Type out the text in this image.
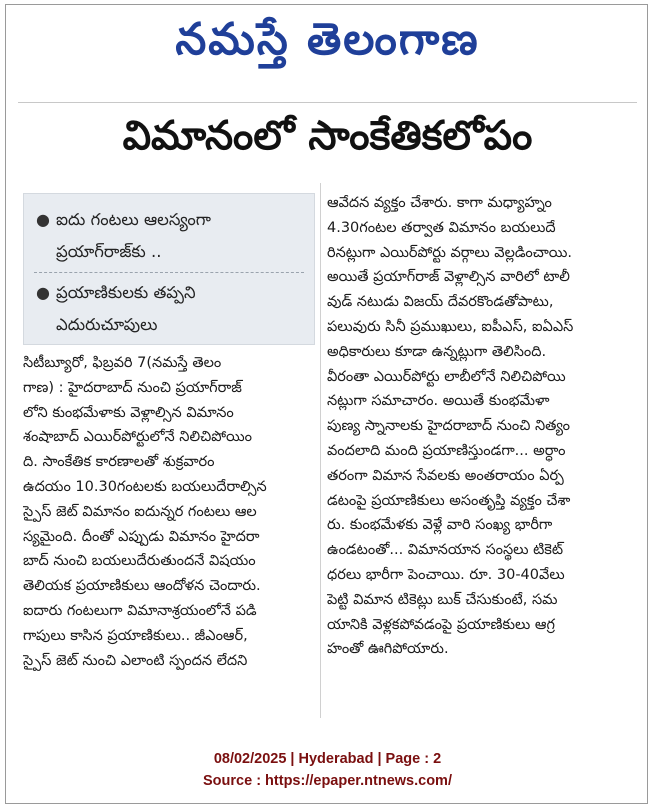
నమస్తే తెలంగాణ
విమానంలో సాంకేతికలోపం
● ఐదు గంటలు ఆలస్యంగా
ప్రయాగ్‌రాజ్‌కు ..
● ప్రయాణికులకు తప్పని
ఎదురుచూపులు

సిటీబ్యూరో, ఫిబ్రవరి 7(నమస్తే తెలం

గాణ) : హైదరాబాద్ నుంచి ప్రయాగ్‌రాజ్

లోని కుంభమేళాకు వెళ్లాల్సిన విమానం

శంషాబాద్ ఎయిర్‌పోర్టులోనే నిలిచిపోయిం

ది. సాంకేతిక కారణాలతో శుక్రవారం

ఉదయం 10.30గంటలకు బయలుదేరాల్సిన

స్పైస్ జెట్ విమానం ఐదున్నర గంటలు ఆల

స్యమైంది. దీంతో ఎప్పుడు విమానం హైదరా

బాద్ నుంచి బయలుదేరుతుందనే విషయం

తెలియక ప్రయాణికులు ఆందోళన చెందారు.

ఐదారు గంటలుగా విమానాశ్రయంలోనే పడి

గాపులు కాసిన ప్రయాణికులు.. జీఎంఆర్,

స్పైస్ జెట్ నుంచి ఎలాంటి స్పందన లేదని

ఆవేదన వ్యక్తం చేశారు. కాగా మధ్యాహ్నం

4.30గంటల తర్వాత విమానం బయలుదే

రినట్లుగా ఎయిర్‌పోర్టు వర్గాలు వెల్లడించాయి.

అయితే ప్రయాగ్‌రాజ్ వెళ్లాల్సిన వారిలో టాలీ

వుడ్ నటుడు విజయ్ దేవరకొండతోపాటు,

పలువురు సినీ ప్రముఖులు, ఐపీఎస్, ఐఏఎస్

అధికారులు కూడా ఉన్నట్లుగా తెలిసింది.

వీరంతా ఎయిర్‌పోర్టు లాబీలోనే నిలిచిపోయి

నట్లుగా సమాచారం. అయితే కుంభమేళా

పుణ్య స్నానాలకు హైదరాబాద్ నుంచి నిత్యం

వందలాది మంది ప్రయాణిస్తుండగా... అర్ధాం

తరంగా విమాన సేవలకు అంతరాయం ఏర్ప

డటంపై ప్రయాణికులు అసంతృప్తి వ్యక్తం చేశా

రు. కుంభమేళకు వెళ్లే వారి సంఖ్య భారీగా

ఉండటంతో... విమానయాన సంస్థలు టికెట్

ధరలు భారీగా పెంచాయి. రూ. 30-40వేలు

పెట్టి విమాన టికెట్లు బుక్ చేసుకుంటే, సమ

యానికి వెళ్లకపోవడంపై ప్రయాణికులు ఆగ్ర

హంతో ఊగిపోయారు.

08/02/2025 | Hyderabad | Page : 2
Source : https://epaper.ntnews.com/
